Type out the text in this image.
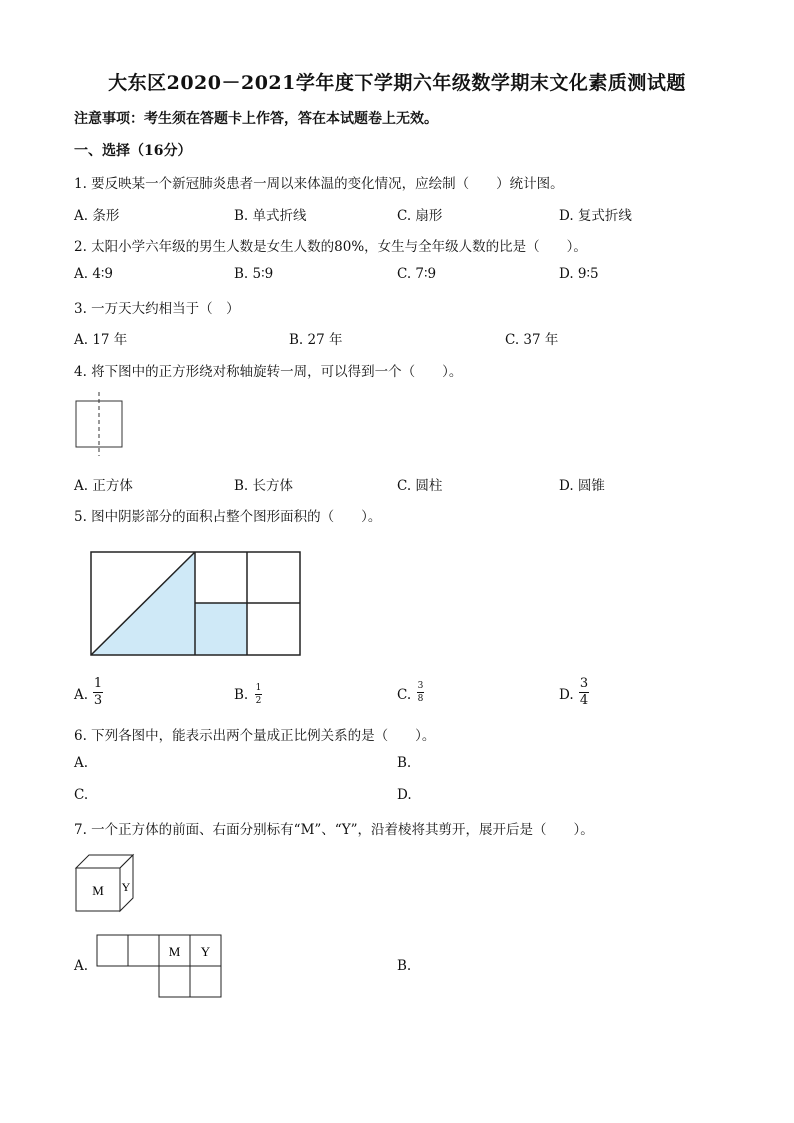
大东区2020－2021学年度下学期六年级数学期末文化素质测试题
注意事项：考生须在答题卡上作答，答在本试题卷上无效。
一、选择（16分）
1. 要反映某一个新冠肺炎患者一周以来体温的变化情况，应绘制（　　）统计图。
A. 条形	B. 单式折线	C. 扇形	D. 复式折线
2. 太阳小学六年级的男生人数是女生人数的80%，女生与全年级人数的比是（　　）。
A. 4∶9	B. 5∶9	C. 7∶9	D. 9∶5
3. 一万天大约相当于（　）
A. 17 年	B. 27 年	C. 37 年
4. 将下图中的正方形绕对称轴旋转一周，可以得到一个（　　）。
A. 正方体	B. 长方体	C. 圆柱	D. 圆锥
5. 图中阴影部分的面积占整个图形面积的（　　）。
A.
1
3	B. 1
2	C.
3
8	D.
3
4
6. 下列各图中，能表示出两个量成正比例关系的是（　　）。
A.	B.
C.	D.
7. 一个正方体的前面、右面分别标有“M”、“Y”，沿着棱将其剪开，展开后是（　　）。
M Y
A.
M Y
B.
